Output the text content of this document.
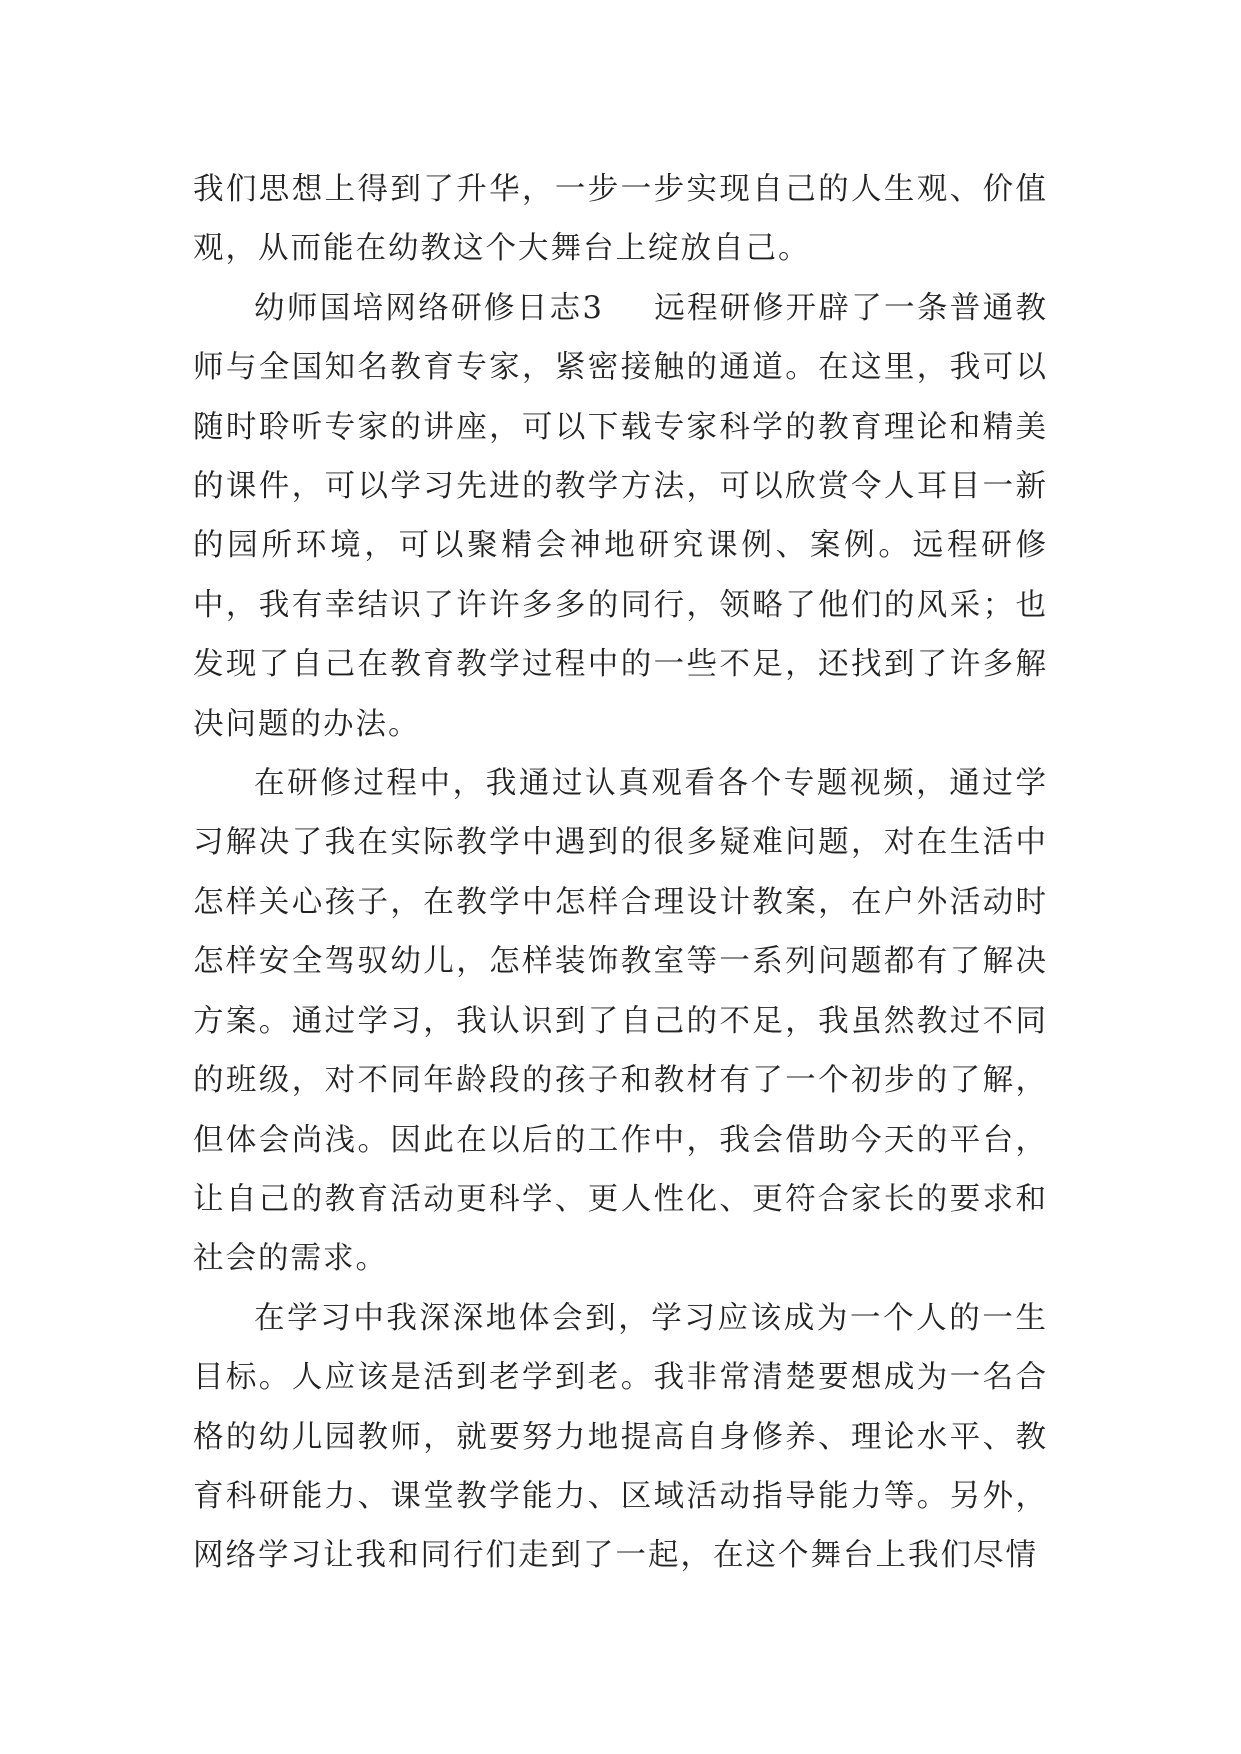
我们思想上得到了升华，一步一步实现自己的人生观、价值观，从而能在幼教这个大舞台上绽放自己。

幼师国培网络研修日志3 远程研修开辟了一条普通教师与全国知名教育专家，紧密接触的通道。在这里，我可以随时聆听专家的讲座，可以下载专家科学的教育理论和精美的课件，可以学习先进的教学方法，可以欣赏令人耳目一新的园所环境，可以聚精会神地研究课例、案例。远程研修中，我有幸结识了许许多多的同行，领略了他们的风采；也发现了自己在教育教学过程中的一些不足，还找到了许多解决问题的办法。

在研修过程中，我通过认真观看各个专题视频，通过学习解决了我在实际教学中遇到的很多疑难问题，对在生活中怎样关心孩子，在教学中怎样合理设计教案，在户外活动时怎样安全驾驭幼儿，怎样装饰教室等一系列问题都有了解决方案。通过学习，我认识到了自己的不足，我虽然教过不同的班级，对不同年龄段的孩子和教材有了一个初步的了解，但体会尚浅。因此在以后的工作中，我会借助今天的平台，让自己的教育活动更科学、更人性化、更符合家长的要求和社会的需求。

在学习中我深深地体会到，学习应该成为一个人的一生目标。人应该是活到老学到老。我非常清楚要想成为一名合格的幼儿园教师，就要努力地提高自身修养、理论水平、教育科研能力、课堂教学能力、区域活动指导能力等。另外，网络学习让我和同行们走到了一起，在这个舞台上我们尽情
